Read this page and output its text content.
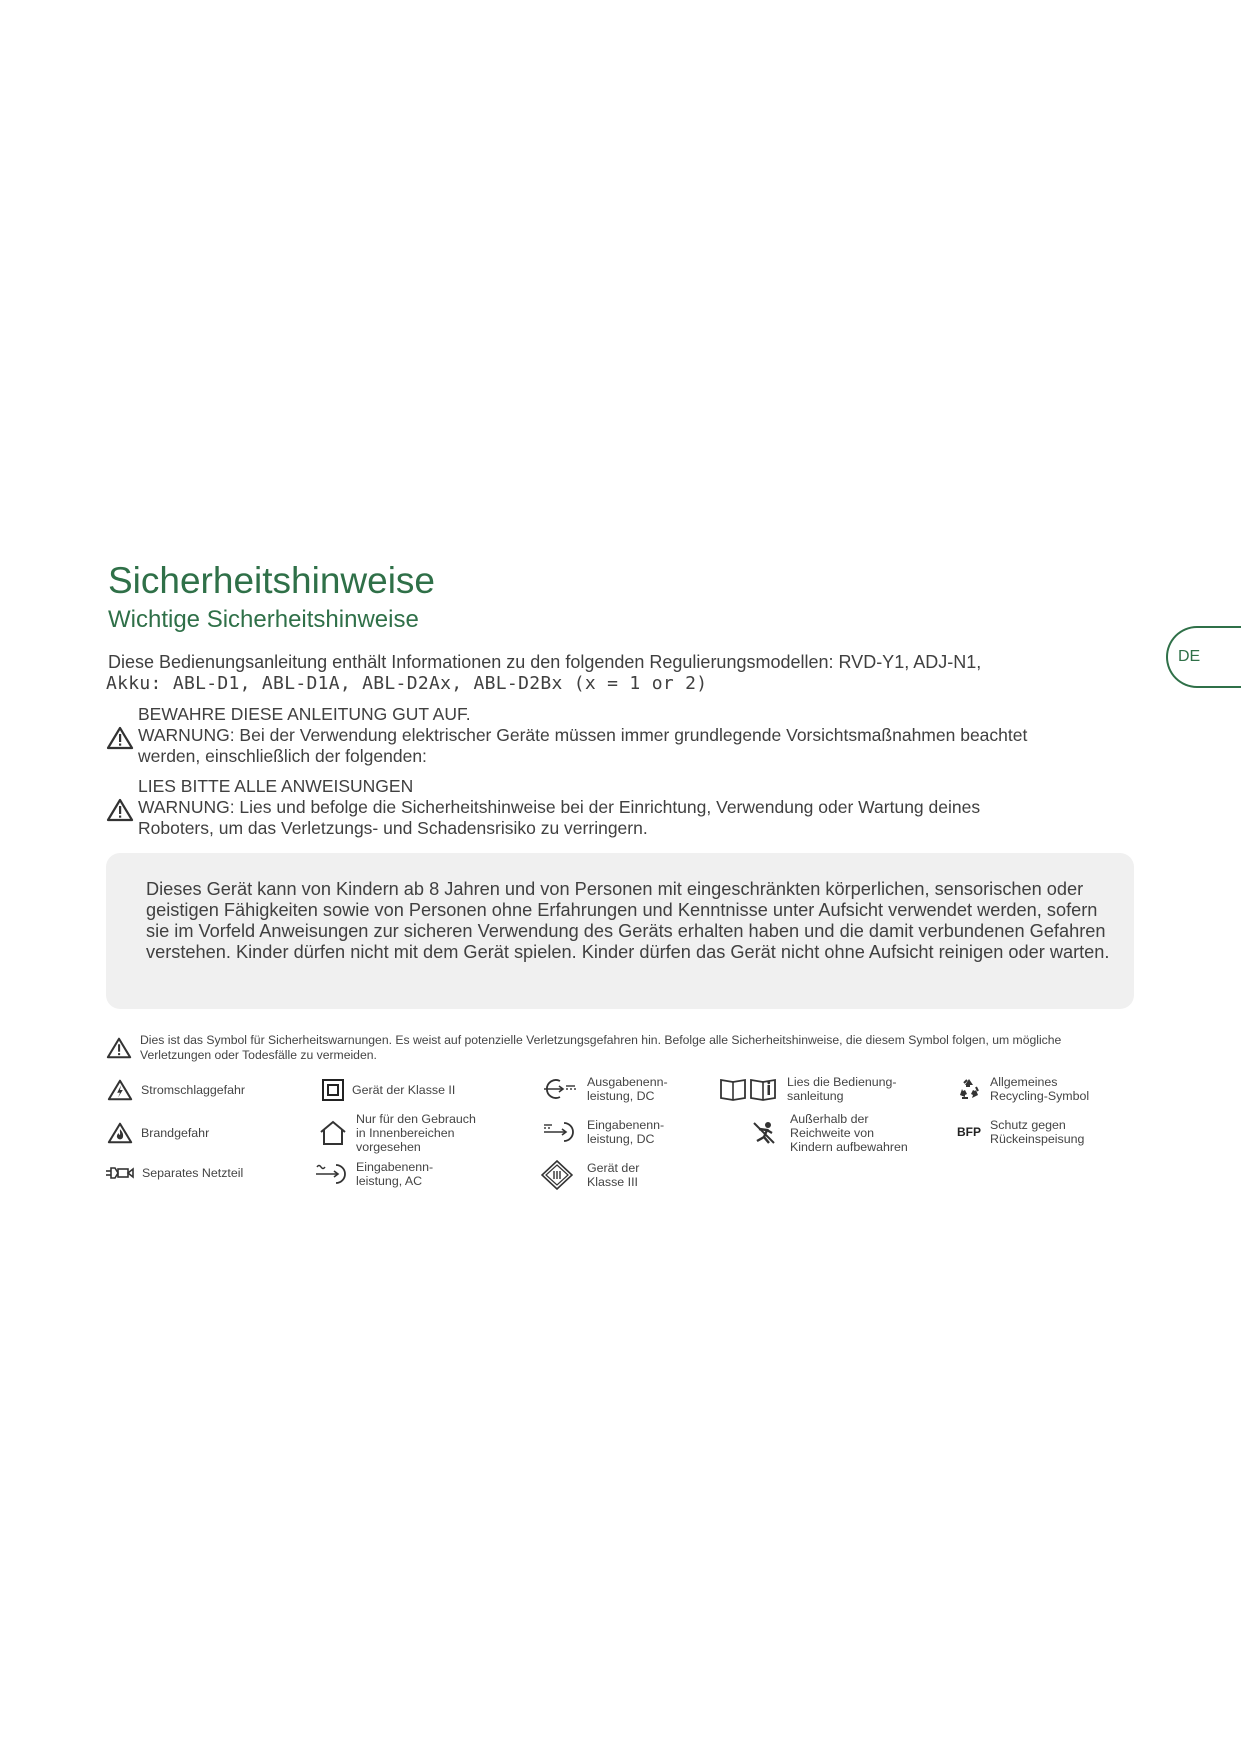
Sicherheitshinweise
Wichtige Sicherheitshinweise
DE
Diese Bedienungsanleitung enthält Informationen zu den folgenden Regulierungsmodellen: RVD-Y1, ADJ-N1,
Akku: ABL-D1, ABL-D1A, ABL-D2Ax, ABL-D2Bx (x = 1 or 2)
BEWAHRE DIESE ANLEITUNG GUT AUF.
WARNUNG: Bei der Verwendung elektrischer Geräte müssen immer grundlegende Vorsichtsmaßnahmen beachtet
werden, einschließlich der folgenden:
LIES BITTE ALLE ANWEISUNGEN
WARNUNG: Lies und befolge die Sicherheitshinweise bei der Einrichtung, Verwendung oder Wartung deines
Roboters, um das Verletzungs- und Schadensrisiko zu verringern.

Dieses Gerät kann von Kindern ab 8 Jahren und von Personen mit eingeschränkten körperlichen, sensorischen oder geistigen Fähigkeiten sowie von Personen ohne Erfahrungen und Kenntnisse unter Aufsicht verwendet werden, sofern sie im Vorfeld Anweisungen zur sicheren Verwendung des Geräts erhalten haben und die damit verbundenen Gefahren verstehen. Kinder dürfen nicht mit dem Gerät spielen. Kinder dürfen das Gerät nicht ohne Aufsicht reinigen oder warten.

Dies ist das Symbol für Sicherheitswarnungen. Es weist auf potenzielle Verletzungsgefahren hin. Befolge alle Sicherheitshinweise, die diesem Symbol folgen, um mögliche Verletzungen oder Todesfälle zu vermeiden.
Stromschlaggefahr	Gerät der Klasse II
Ausgabenenn-
leistung, DC
Lies die Bedienung-
sanleitung
Allgemeines
Recycling-Symbol
Brandgefahr
Nur für den Gebrauch
in Innenbereichen
vorgesehen
Eingabenenn-
leistung, DC
Außerhalb der
Reichweite von
Kindern aufbewahren
BFP Schutz gegen
Rückeinspeisung
Separates Netzteil	Eingabenenn-
leistung, AC
Gerät der
Klasse III
